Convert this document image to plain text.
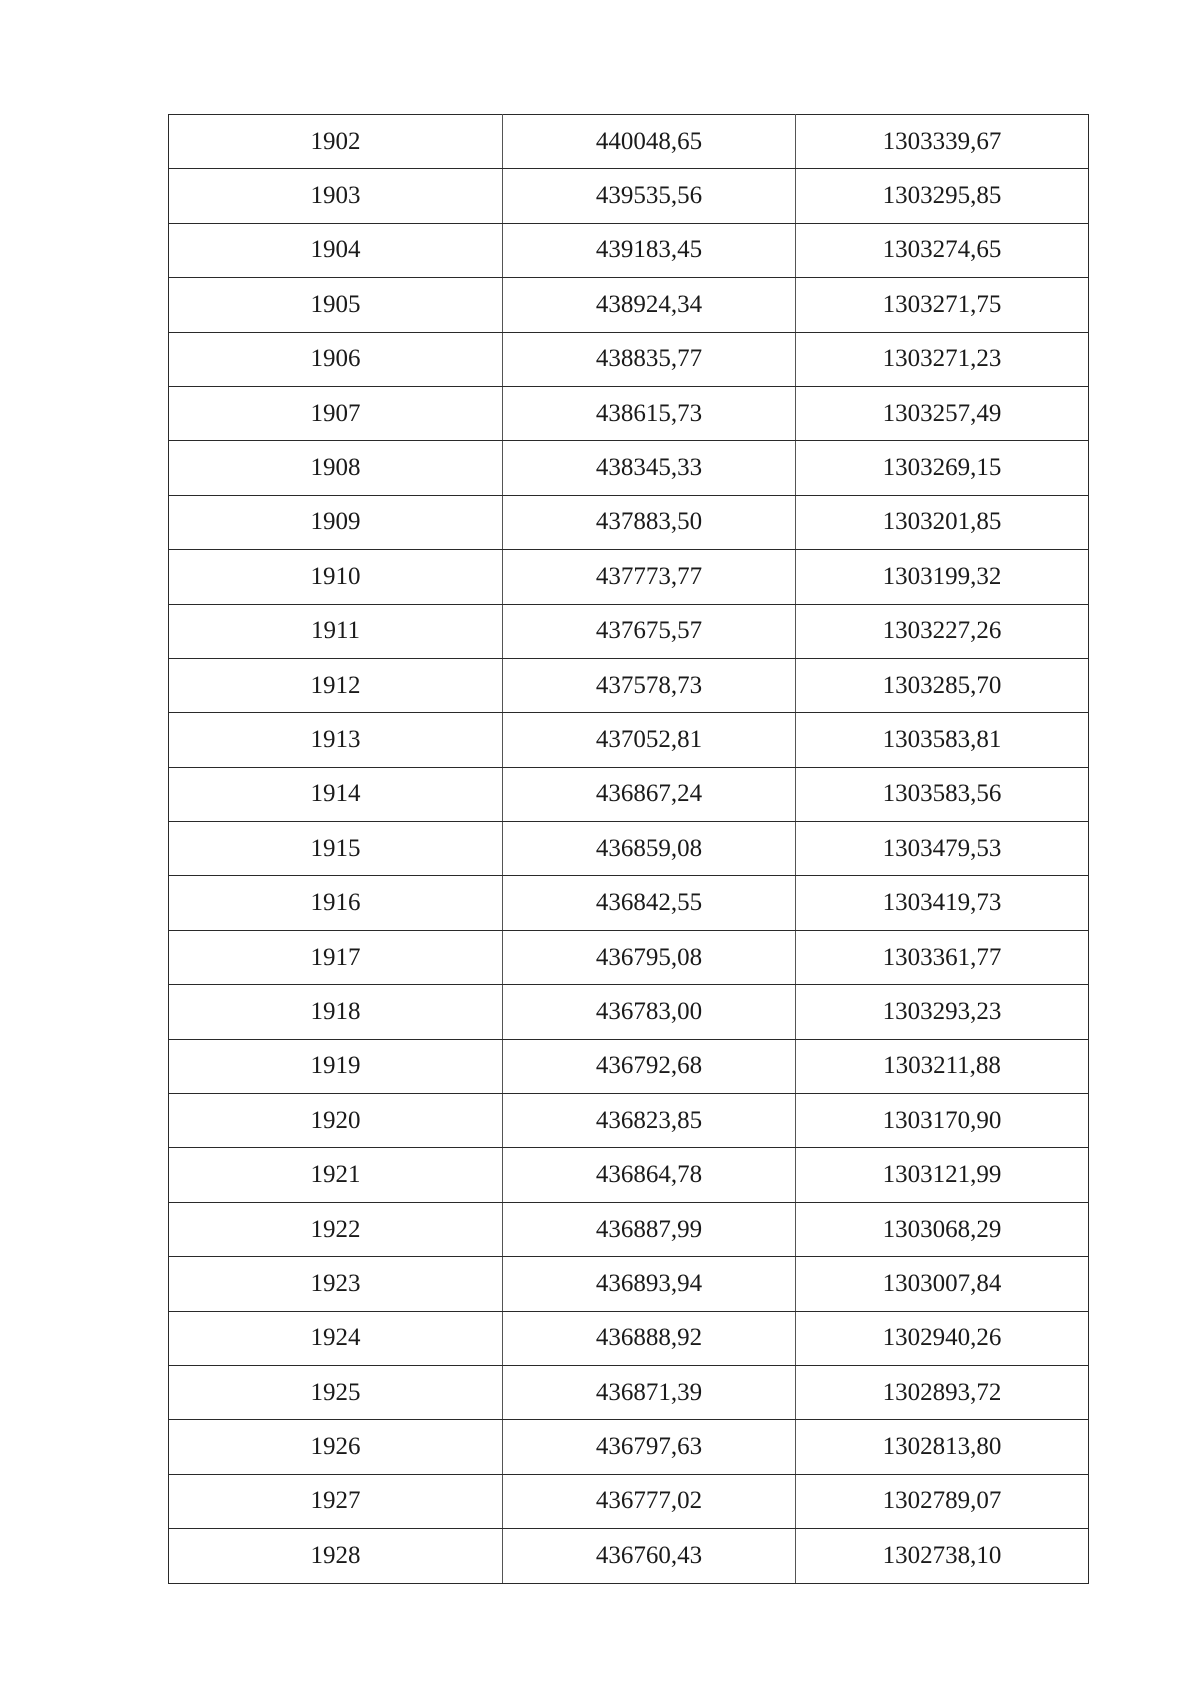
1902	440048,65	1303339,67
1903	439535,56	1303295,85
1904	439183,45	1303274,65
1905	438924,34	1303271,75
1906	438835,77	1303271,23
1907	438615,73	1303257,49
1908	438345,33	1303269,15
1909	437883,50	1303201,85
1910	437773,77	1303199,32
1911	437675,57	1303227,26
1912	437578,73	1303285,70
1913	437052,81	1303583,81
1914	436867,24	1303583,56
1915	436859,08	1303479,53
1916	436842,55	1303419,73
1917	436795,08	1303361,77
1918	436783,00	1303293,23
1919	436792,68	1303211,88
1920	436823,85	1303170,90
1921	436864,78	1303121,99
1922	436887,99	1303068,29
1923	436893,94	1303007,84
1924	436888,92	1302940,26
1925	436871,39	1302893,72
1926	436797,63	1302813,80
1927	436777,02	1302789,07
1928	436760,43	1302738,10
